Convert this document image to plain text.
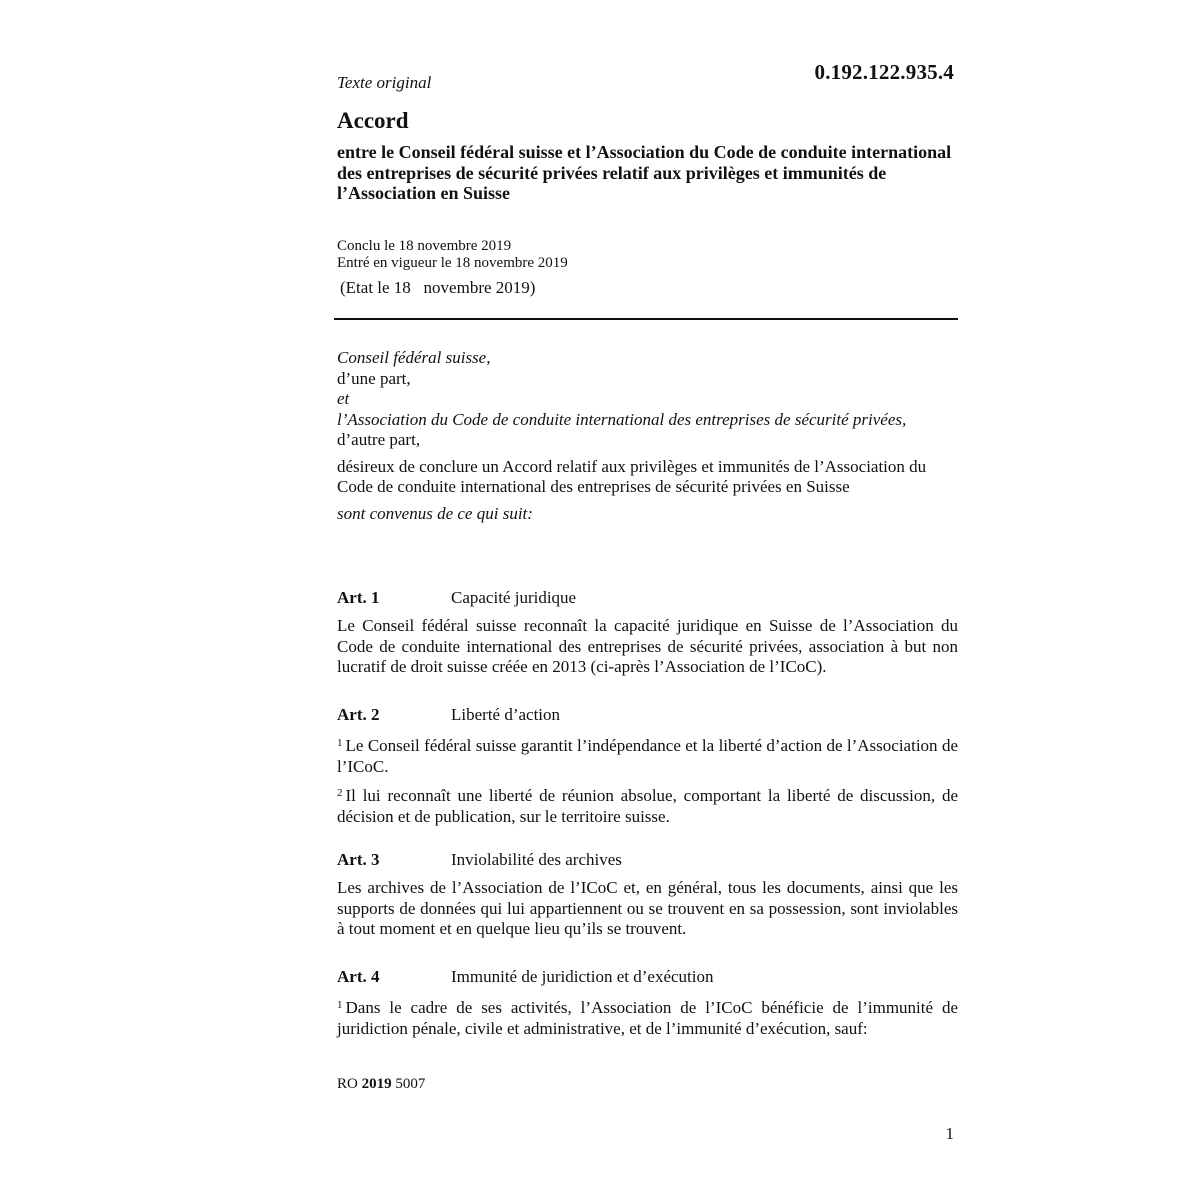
0.192.122.935.4
Texte original
Accord
entre le Conseil fédéral suisse et l’Association du Code de conduite international des entreprises de sécurité privées relatif aux privilèges et immunités de l’Association en Suisse
Conclu le 18 novembre 2019
Entré en vigueur le 18 novembre 2019
(Etat le 18   novembre 2019)

Conseil fédéral suisse,

d’une part,

et

l’Association du Code de conduite international des entreprises de sécurité privées,

d’autre part,

désireux de conclure un Accord relatif aux privilèges et immunités de l’Association du Code de conduite international des entreprises de sécurité privées en Suisse

sont convenus de ce qui suit:

Art. 1	Capacité juridique

Le Conseil fédéral suisse reconnaît la capacité juridique en Suisse de l’Association du Code de conduite international des entreprises de sécurité privées, association à but non lucratif de droit suisse créée en 2013 (ci-après l’Association de l’ICoC).

Art. 2	Liberté d’action

$^1$ Le Conseil fédéral suisse garantit l’indépendance et la liberté d’action de l’Association de l’ICoC.

$^2$ Il lui reconnaît une liberté de réunion absolue, comportant la liberté de discussion, de décision et de publication, sur le territoire suisse.

Art. 3	Inviolabilité des archives

Les archives de l’Association de l’ICoC et, en général, tous les documents, ainsi que les supports de données qui lui appartiennent ou se trouvent en sa possession, sont inviolables à tout moment et en quelque lieu qu’ils se trouvent.

Art. 4	Immunité de juridiction et d’exécution

$^1$ Dans le cadre de ses activités, l’Association de l’ICoC bénéficie de l’immunité de juridiction pénale, civile et administrative, et de l’immunité d’exécution, sauf:

RO 2019 5007
1
